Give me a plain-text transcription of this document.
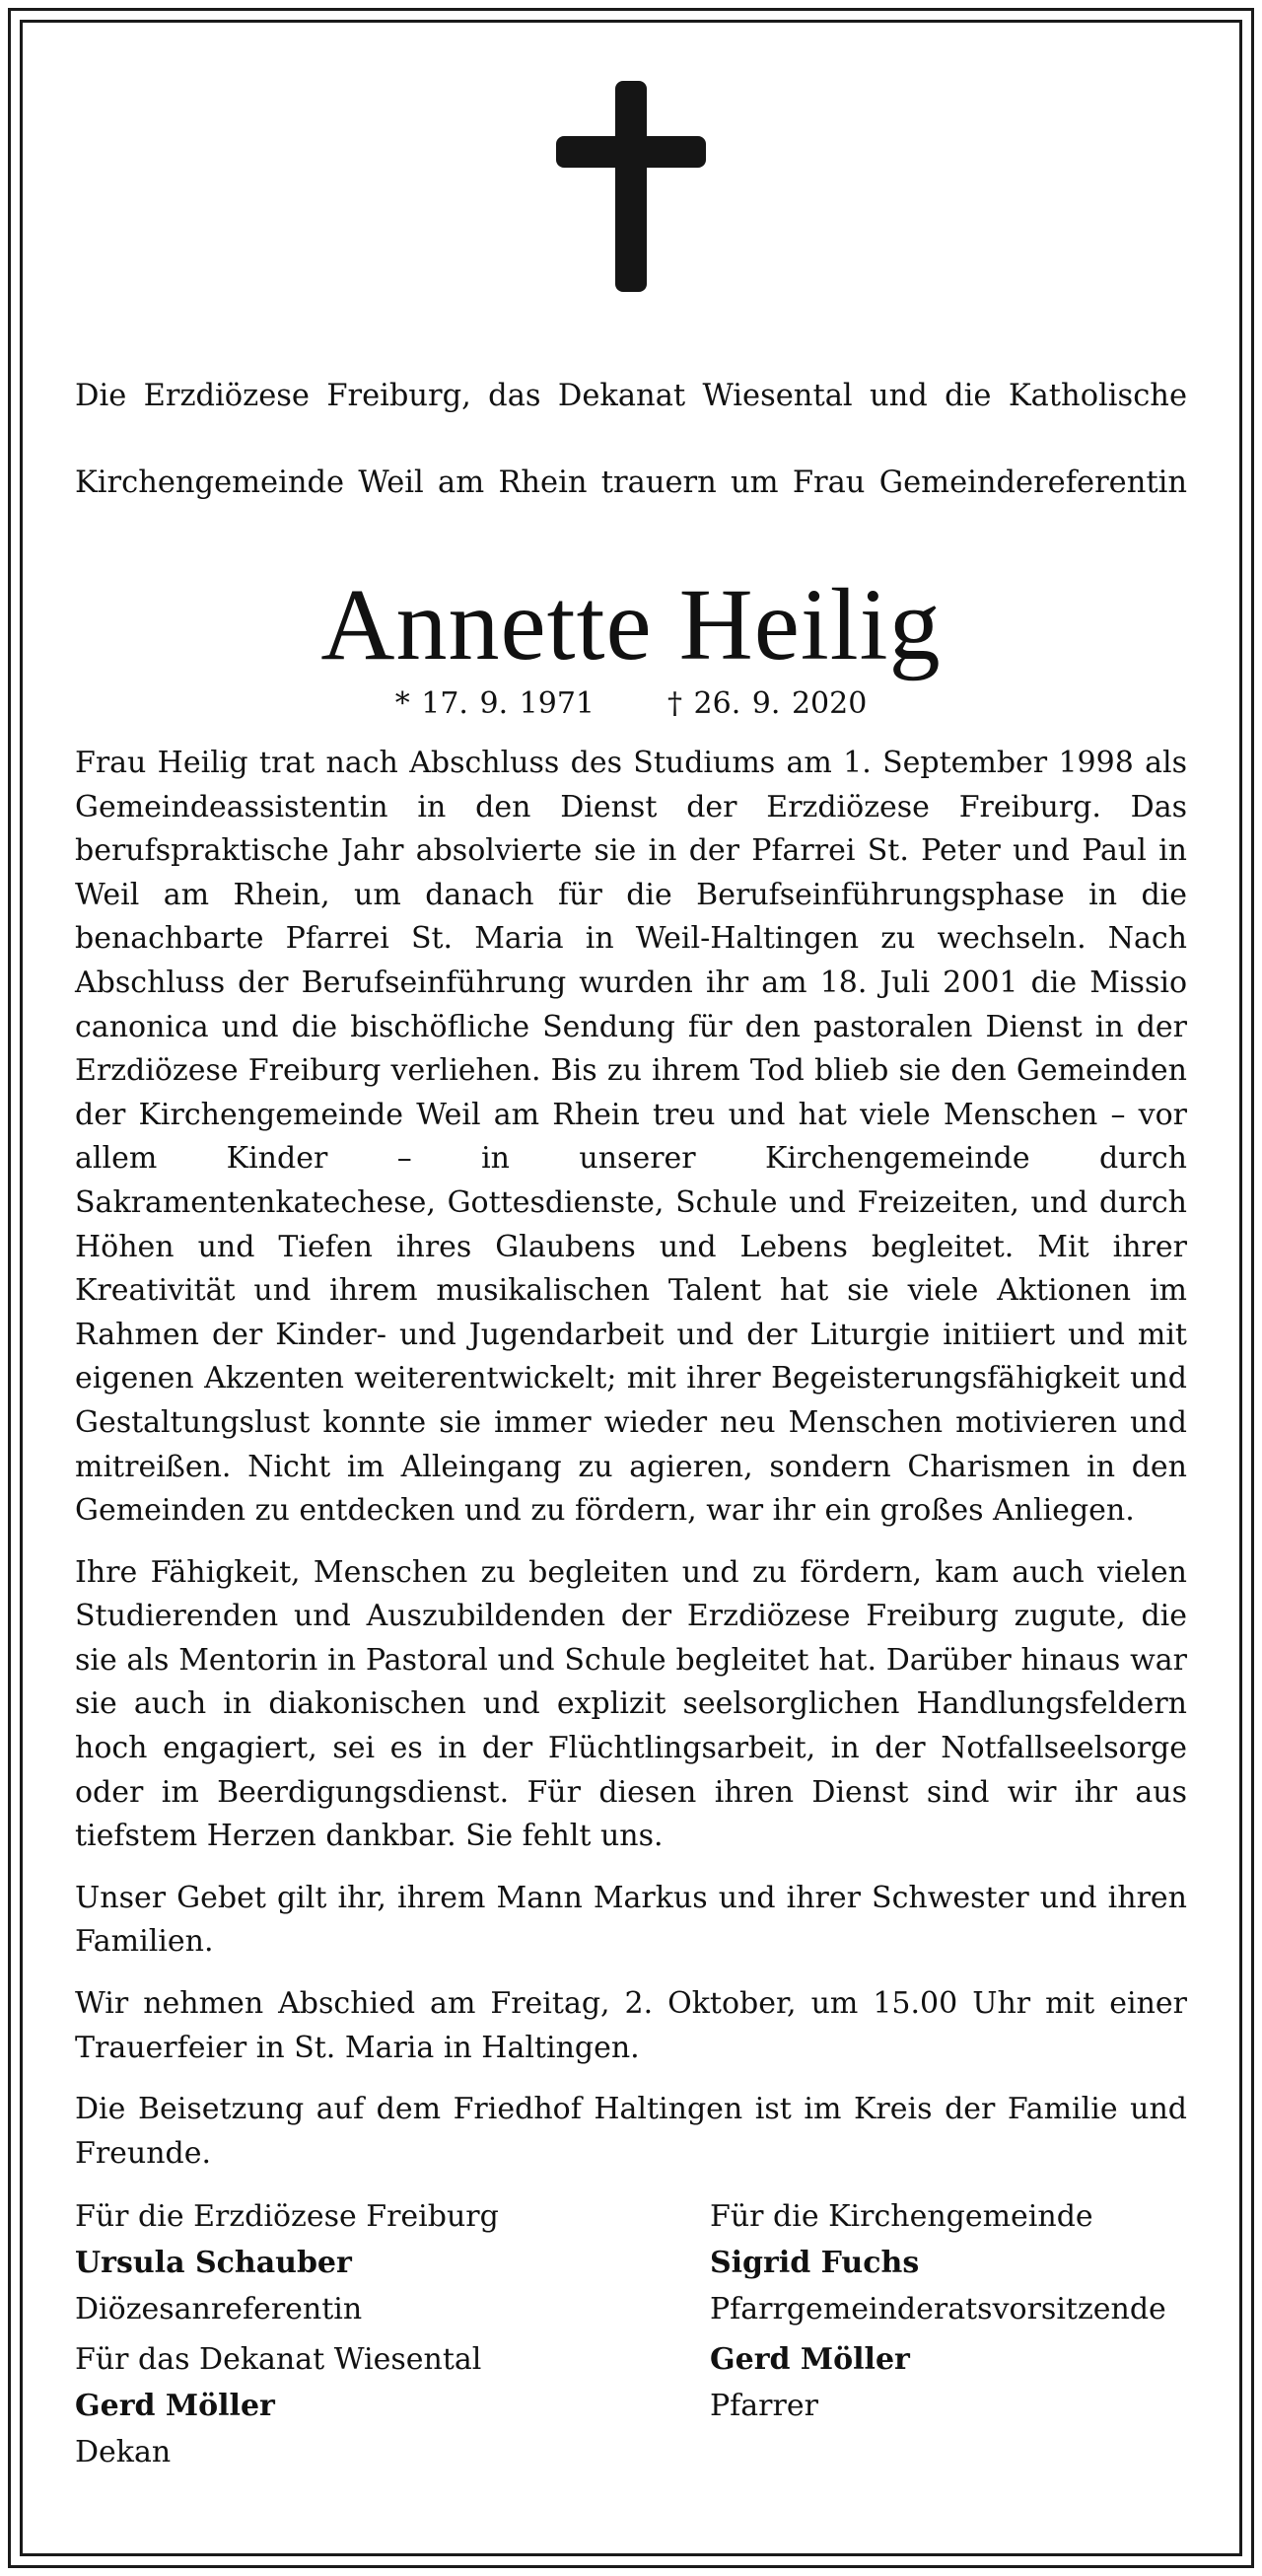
Die Erzdiözese Freiburg, das Dekanat Wiesental und die Katholische

Kirchengemeinde Weil am Rhein trauern um Frau Gemeindereferentin

Annette Heilig
* 17. 9. 1971 † 26. 9. 2020

Frau Heilig trat nach Abschluss des Studiums am 1. September 1998 als Gemeindeassistentin in den Dienst der Erzdiözese Freiburg. Das berufspraktische Jahr absolvierte sie in der Pfarrei St. Peter und Paul in Weil am Rhein, um danach für die Berufseinführungsphase in die benachbarte Pfarrei St. Maria in Weil-Haltingen zu wechseln. Nach Abschluss der Berufseinführung wurden ihr am 18. Juli 2001 die Missio canonica und die bischöfliche Sendung für den pastoralen Dienst in der Erzdiözese Freiburg verliehen. Bis zu ihrem Tod blieb sie den Gemeinden der Kirchengemeinde Weil am Rhein treu und hat viele Menschen – vor allem Kinder – in unserer Kirchengemeinde durch Sakramentenkatechese, Gottesdienste, Schule und Freizeiten, und durch Höhen und Tiefen ihres Glaubens und Lebens begleitet. Mit ihrer Kreativität und ihrem musikalischen Talent hat sie viele Aktionen im Rahmen der Kinder- und Jugendarbeit und der Liturgie initiiert und mit eigenen Akzenten weiterentwickelt; mit ihrer Begeisterungsfähigkeit und Gestaltungslust konnte sie immer wieder neu Menschen motivieren und mitreißen. Nicht im Alleingang zu agieren, sondern Charismen in den Gemeinden zu entdecken und zu fördern, war ihr ein großes Anliegen.

Ihre Fähigkeit, Menschen zu begleiten und zu fördern, kam auch vielen Studierenden und Auszubildenden der Erzdiözese Freiburg zugute, die sie als Mentorin in Pastoral und Schule begleitet hat. Darüber hinaus war sie auch in diakonischen und explizit seelsorglichen Handlungsfeldern hoch engagiert, sei es in der Flüchtlingsarbeit, in der Notfallseelsorge oder im Beerdigungsdienst. Für diesen ihren Dienst sind wir ihr aus tiefstem Herzen dankbar. Sie fehlt uns.

Unser Gebet gilt ihr, ihrem Mann Markus und ihrer Schwester und ihren Familien.

Wir nehmen Abschied am Freitag, 2. Oktober, um 15.00 Uhr mit einer Trauerfeier in St. Maria in Haltingen.

Die Beisetzung auf dem Friedhof Haltingen ist im Kreis der Familie und Freunde.

Für die Erzdiözese Freiburg
Ursula Schauber
Diözesanreferentin
Für das Dekanat Wiesental
Gerd Möller
Dekan
Für die Kirchengemeinde
Sigrid Fuchs
Pfarrgemeinderatsvorsitzende
Gerd Möller
Pfarrer
